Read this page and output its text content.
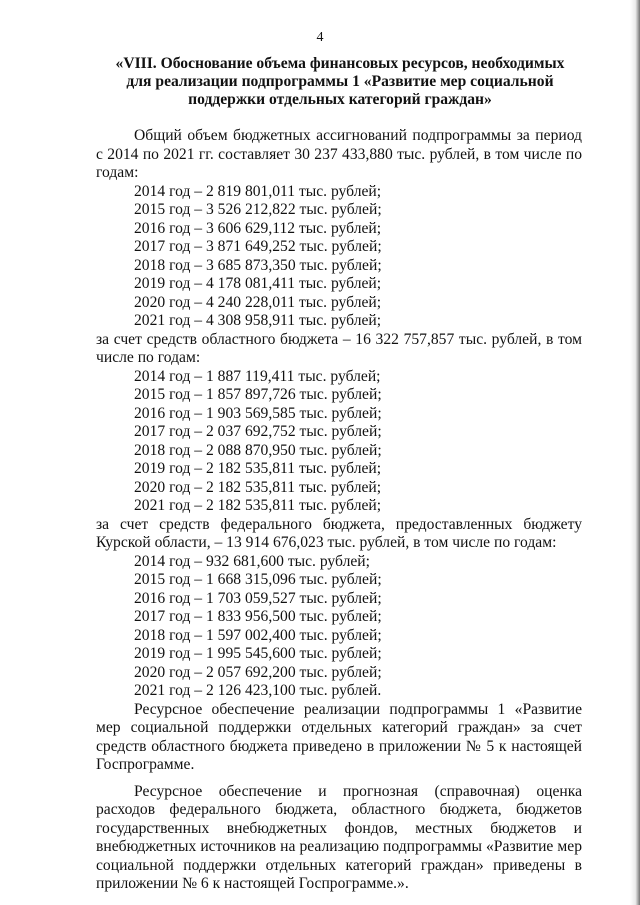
4
«VIII. Обоснование объема финансовых ресурсов, необходимых
для реализации подпрограммы 1 «Развитие мер социальной
поддержки отдельных категорий граждан»

Общий объем бюджетных ассигнований подпрограммы за период с 2014 по 2021 гг. составляет 30 237 433,880 тыс. рублей, в том числе по годам:

2014 год – 2 819 801,011 тыс. рублей;

2015 год – 3 526 212,822 тыс. рублей;

2016 год – 3 606 629,112 тыс. рублей;

2017 год – 3 871 649,252 тыс. рублей;

2018 год – 3 685 873,350 тыс. рублей;

2019 год – 4 178 081,411 тыс. рублей;

2020 год – 4 240 228,011 тыс. рублей;

2021 год – 4 308 958,911 тыс. рублей;

за счет средств областного бюджета – 16 322 757,857 тыс. рублей, в том числе по годам:

2014 год – 1 887 119,411 тыс. рублей;

2015 год – 1 857 897,726 тыс. рублей;

2016 год – 1 903 569,585 тыс. рублей;

2017 год – 2 037 692,752 тыс. рублей;

2018 год – 2 088 870,950 тыс. рублей;

2019 год – 2 182 535,811 тыс. рублей;

2020 год – 2 182 535,811 тыс. рублей;

2021 год – 2 182 535,811 тыс. рублей;

за счет средств федерального бюджета, предоставленных бюджету Курской области, – 13 914 676,023 тыс. рублей, в том числе по годам:

2014 год – 932 681,600 тыс. рублей;

2015 год – 1 668 315,096 тыс. рублей;

2016 год – 1 703 059,527 тыс. рублей;

2017 год – 1 833 956,500 тыс. рублей;

2018 год – 1 597 002,400 тыс. рублей;

2019 год – 1 995 545,600 тыс. рублей;

2020 год – 2 057 692,200 тыс. рублей;

2021 год – 2 126 423,100 тыс. рублей.

Ресурсное обеспечение реализации подпрограммы 1 «Развитие мер социальной поддержки отдельных категорий граждан» за счет средств областного бюджета приведено в приложении № 5 к настоящей Госпрограмме.

Ресурсное обеспечение и прогнозная (справочная) оценка расходов федерального бюджета, областного бюджета, бюджетов государственных внебюджетных фондов, местных бюджетов и внебюджетных источников на реализацию подпрограммы «Развитие мер социальной поддержки отдельных категорий граждан» приведены в приложении № 6 к настоящей Госпрограмме.».
